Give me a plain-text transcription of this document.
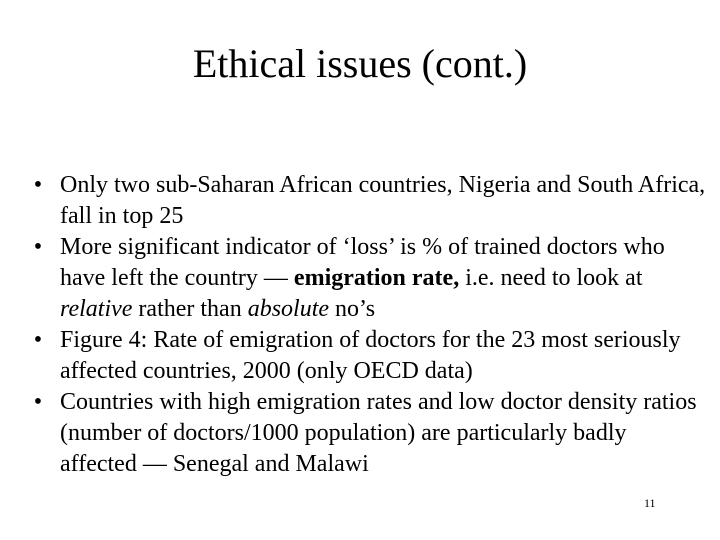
Ethical issues (cont.)
• Only two sub-Saharan African countries, Nigeria and South Africa, fall in top 25
• More significant indicator of ‘loss’ is % of trained doctors who have left the country — emigration rate, i.e. need to look at relative rather than absolute no’s
• Figure 4: Rate of emigration of doctors for the 23 most seriously affected countries, 2000 (only OECD data)
• Countries with high emigration rates and low doctor density ratios (number of doctors/1000 population) are particularly badly affected — Senegal and Malawi
11
